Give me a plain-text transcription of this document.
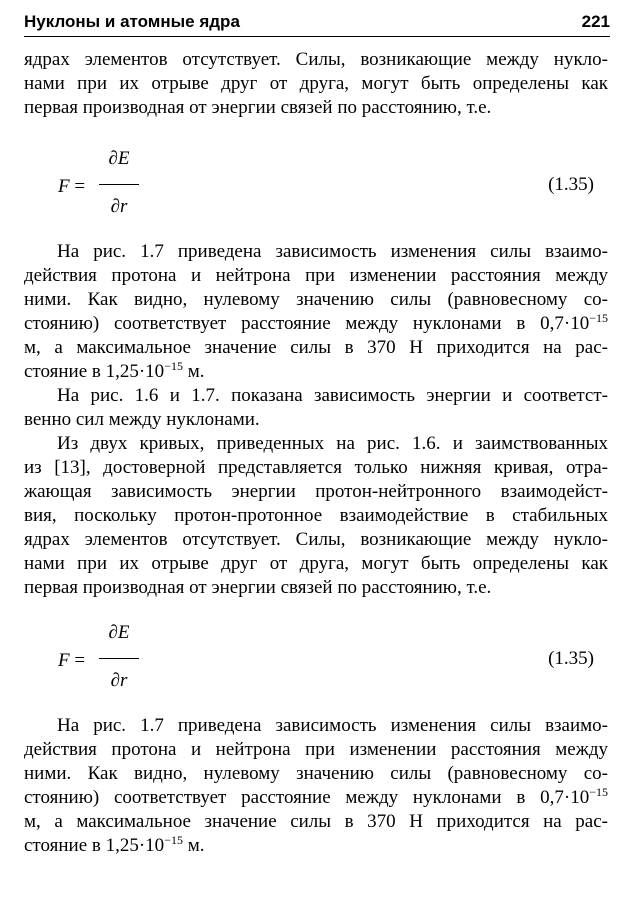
Нуклоны и атомные ядра	221
ядрах элементов отсутствует. Силы, возникающие между нукло-
нами при их отрыве друг от друга, могут быть определены как
первая производная от энергии связей по расстоянию, т.е.
F =
∂E
∂r
(1.35)
На рис. 1.7 приведена зависимость изменения силы взаимо-
действия протона и нейтрона при изменении расстояния между
ними. Как видно, нулевому значению силы (равновесному со-
стоянию) соответствует расстояние между нуклонами в $0,7\cdot 10^{-15}$
м, а максимальное значение силы в 370 Н приходится на рас-
стояние в $1,25\cdot 10^{-15}$ м.
На рис. 1.6 и 1.7. показана зависимость энергии и соответст-
венно сил между нуклонами.
Из двух кривых, приведенных на рис. 1.6. и заимствованных
из [13], достоверной представляется только нижняя кривая, отра-
жающая зависимость энергии протон-нейтронного взаимодейст-
вия, поскольку протон-протонное взаимодействие в стабильных
ядрах элементов отсутствует. Силы, возникающие между нукло-
нами при их отрыве друг от друга, могут быть определены как
первая производная от энергии связей по расстоянию, т.е.
F =
∂E
∂r
(1.35)
На рис. 1.7 приведена зависимость изменения силы взаимо-
действия протона и нейтрона при изменении расстояния между
ними. Как видно, нулевому значению силы (равновесному со-
стоянию) соответствует расстояние между нуклонами в $0,7\cdot 10^{-15}$
м, а максимальное значение силы в 370 Н приходится на рас-
стояние в $1,25\cdot 10^{-15}$ м.
